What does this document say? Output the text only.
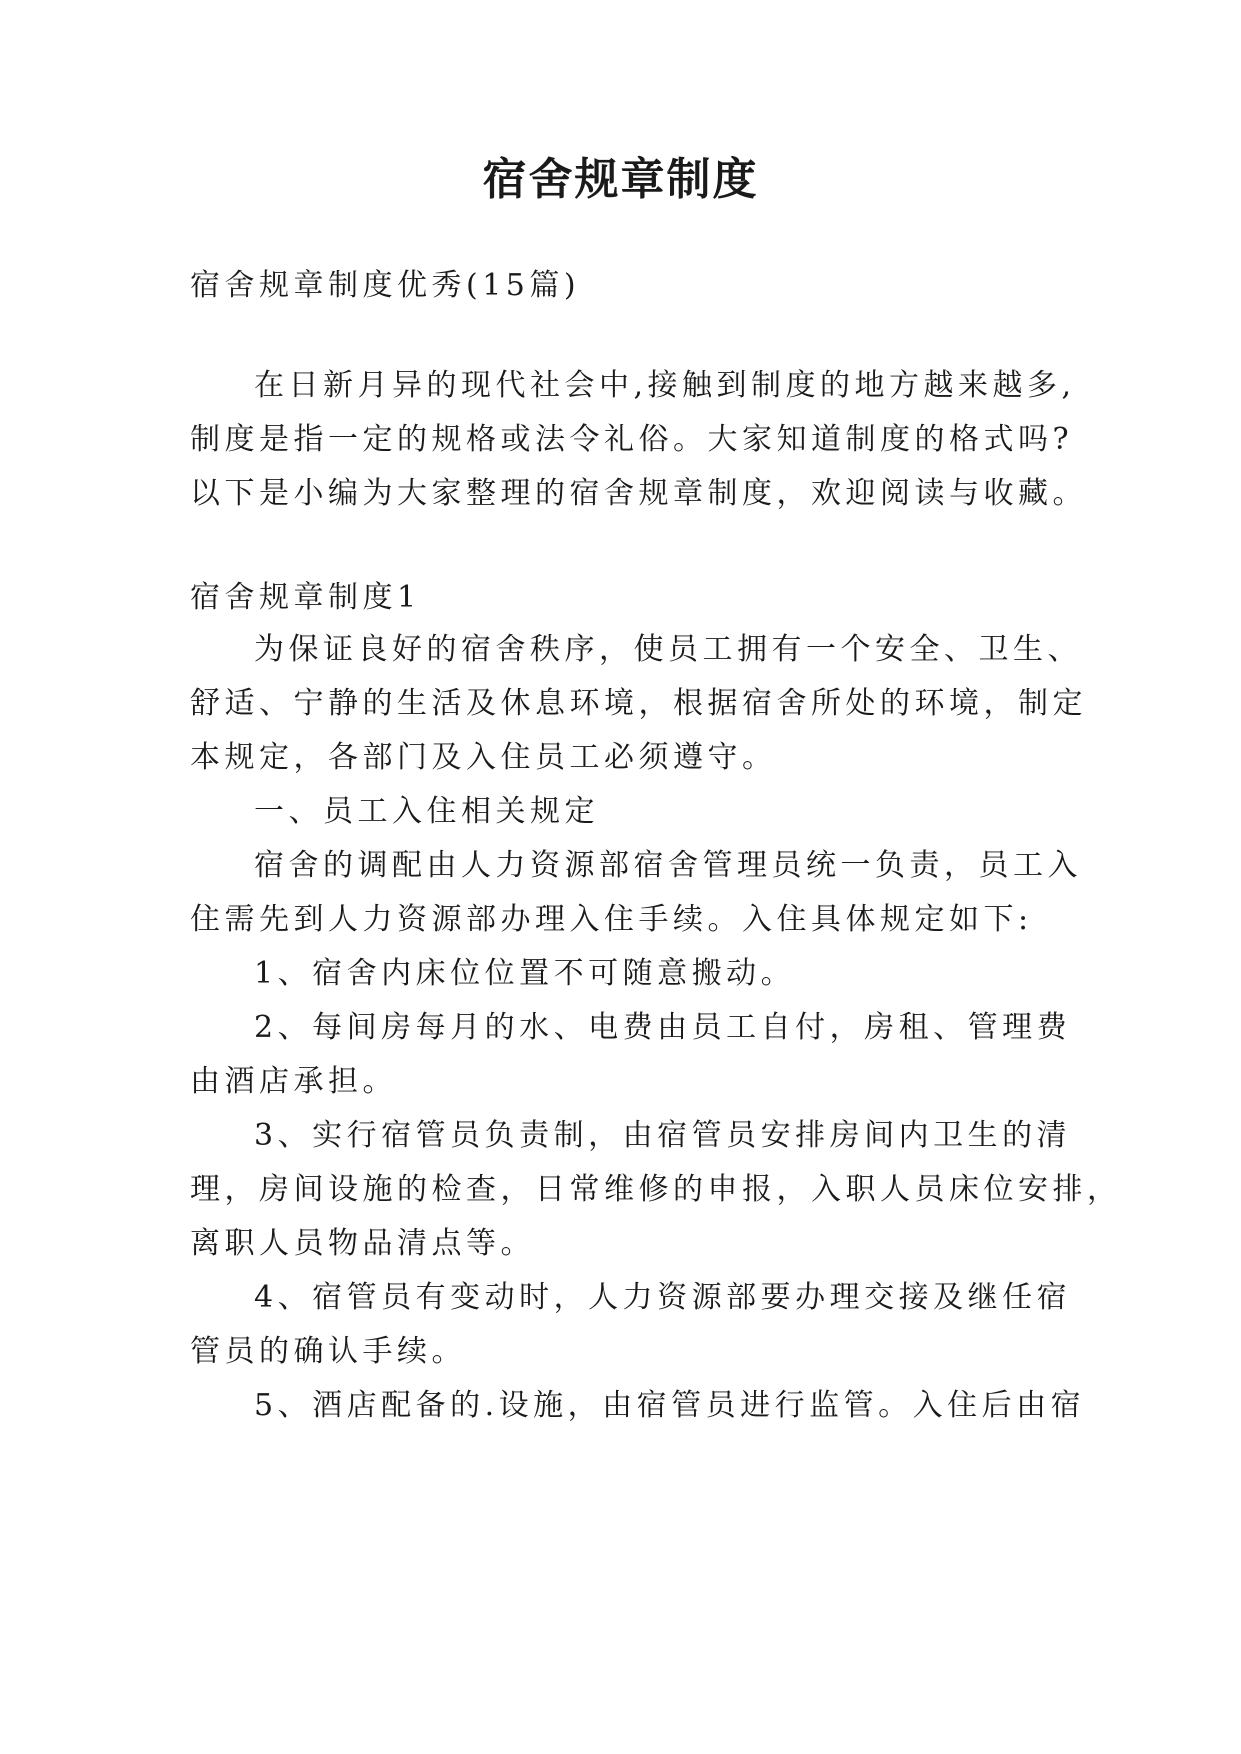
宿舍规章制度
宿舍规章制度优秀(15篇)
在日新月异的现代社会中,接触到制度的地方越来越多,
制度是指一定的规格或法令礼俗。大家知道制度的格式吗?
以下是小编为大家整理的宿舍规章制度，欢迎阅读与收藏。
宿舍规章制度1
为保证良好的宿舍秩序，使员工拥有一个安全、卫生、
舒适、宁静的生活及休息环境，根据宿舍所处的环境，制定
本规定，各部门及入住员工必须遵守。
一、员工入住相关规定
宿舍的调配由人力资源部宿舍管理员统一负责，员工入
住需先到人力资源部办理入住手续。入住具体规定如下:
1、宿舍内床位位置不可随意搬动。
2、每间房每月的水、电费由员工自付，房租、管理费
由酒店承担。
3、实行宿管员负责制，由宿管员安排房间内卫生的清
理，房间设施的检查，日常维修的申报，入职人员床位安排，
离职人员物品清点等。
4、宿管员有变动时，人力资源部要办理交接及继任宿
管员的确认手续。
5、酒店配备的.设施，由宿管员进行监管。入住后由宿
